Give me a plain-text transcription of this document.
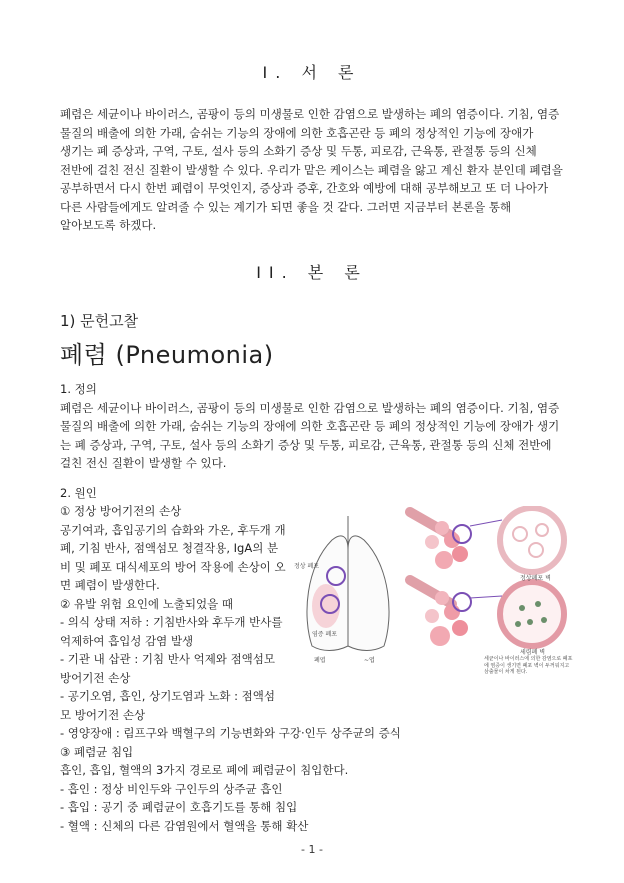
I. 서 론
폐렴은 세균이나 바이러스, 곰팡이 등의 미생물로 인한 감염으로 발생하는 폐의 염증이다. 기침, 염증
물질의 배출에 의한 가래, 숨쉬는 기능의 장애에 의한 호흡곤란 등 폐의 정상적인 기능에 장애가
생기는 폐 증상과, 구역, 구토, 설사 등의 소화기 증상 및 두통, 피로감, 근육통, 관절통 등의 신체
전반에 걸친 전신 질환이 발생할 수 있다. 우리가 맡은 케이스는 폐렴을 앓고 계신 환자 분인데 폐렴을
공부하면서 다시 한번 폐렴이 무엇인지, 증상과 증후, 간호와 예방에 대해 공부해보고 또 더 나아가
다른 사람들에게도 알려줄 수 있는 계기가 되면 좋을 것 같다. 그러면 지금부터 본론을 통해
알아보도록 하겠다.
II. 본 론
1) 문헌고찰
폐렴 (Pneumonia)
1. 정의
폐렴은 세균이나 바이러스, 곰팡이 등의 미생물로 인한 감염으로 발생하는 폐의 염증이다. 기침, 염증
물질의 배출에 의한 가래, 숨쉬는 기능의 장애에 의한 호흡곤란 등 폐의 정상적인 기능에 장애가 생기
는 폐 증상과, 구역, 구토, 설사 등의 소화기 증상 및 두통, 피로감, 근육통, 관절통 등의 신체 전반에
걸친 전신 질환이 발생할 수 있다.
2. 원인
① 정상 방어기전의 손상
공기여과, 흡입공기의 습화와 가온, 후두개 개
폐, 기침 반사, 점액섬모 청결작용, IgA의 분
비 및 폐포 대식세포의 방어 작용에 손상이 오
면 폐렴이 발생한다.
② 유발 위험 요인에 노출되었을 때
- 의식 상태 저하 : 기침반사와 후두개 반사를
억제하여 흡입성 감염 발생
- 기관 내 삽관 : 기침 반사 억제와 점액섬모
방어기전 손상
- 공기오염, 흡인, 상기도염과 노화 : 점액섬
모 방어기전 손상
정상 폐포
염증 폐포
폐엽	~엽
정상폐포 벽
세렴폐 벽
세균이나 바이러스에 의한 감염으로 폐포에 염증이 생기면 폐포 벽이 두꺼워지고 삼출물이 차게 된다.
- 영양장애 : 림프구와 백혈구의 기능변화와 구강·인두 상주균의 증식
③ 폐렴균 침입
흡인, 흡입, 혈액의 3가지 경로로 폐에 폐렴균이 침입한다.
- 흡인 : 정상 비인두와 구인두의 상주균 흡인
- 흡입 : 공기 중 폐렴균이 호흡기도를 통해 침입
- 혈액 : 신체의 다른 감염원에서 혈액을 통해 확산
- 1 -
